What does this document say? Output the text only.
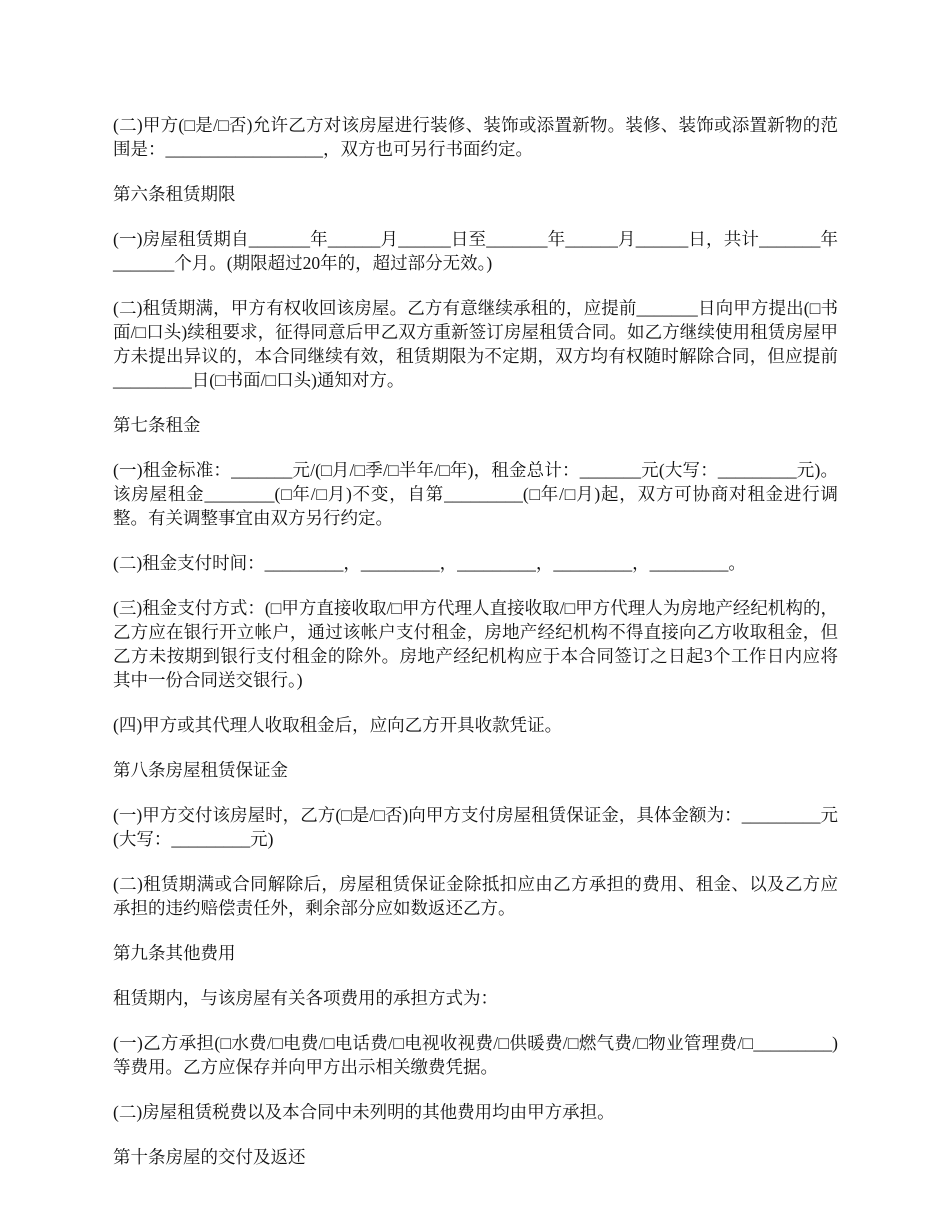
(二)甲方(□是/□否)允许乙方对该房屋进行装修、装饰或添置新物。装修、装饰或添置新物的范围是：__________________，双方也可另行书面约定。

第六条租赁期限

(一)房屋租赁期自_______年______月______日至_______年______月______日，共计_______年_______个月。(期限超过20年的，超过部分无效。)

(二)租赁期满，甲方有权收回该房屋。乙方有意继续承租的，应提前_______日向甲方提出(□书面/□口头)续租要求，征得同意后甲乙双方重新签订房屋租赁合同。如乙方继续使用租赁房屋甲方未提出异议的，本合同继续有效，租赁期限为不定期，双方均有权随时解除合同，但应提前_________日(□书面/□口头)通知对方。

第七条租金

(一)租金标准：_______元/(□月/□季/□半年/□年)，租金总计：_______元(大写：_________元)。该房屋租金________(□年/□月)不变，自第_________(□年/□月)起，双方可协商对租金进行调整。有关调整事宜由双方另行约定。

(二)租金支付时间：_________，_________，_________，_________，_________。

(三)租金支付方式：(□甲方直接收取/□甲方代理人直接收取/□甲方代理人为房地产经纪机构的，乙方应在银行开立帐户，通过该帐户支付租金，房地产经纪机构不得直接向乙方收取租金，但乙方未按期到银行支付租金的除外。房地产经纪机构应于本合同签订之日起3个工作日内应将其中一份合同送交银行。)

(四)甲方或其代理人收取租金后，应向乙方开具收款凭证。

第八条房屋租赁保证金

(一)甲方交付该房屋时，乙方(□是/□否)向甲方支付房屋租赁保证金，具体金额为：_________元(大写：_________元)

(二)租赁期满或合同解除后，房屋租赁保证金除抵扣应由乙方承担的费用、租金、以及乙方应承担的违约赔偿责任外，剩余部分应如数返还乙方。

第九条其他费用

租赁期内，与该房屋有关各项费用的承担方式为：

(一)乙方承担(□水费/□电费/□电话费/□电视收视费/□供暖费/□燃气费/□物业管理费/□_________)等费用。乙方应保存并向甲方出示相关缴费凭据。

(二)房屋租赁税费以及本合同中未列明的其他费用均由甲方承担。

第十条房屋的交付及返还
